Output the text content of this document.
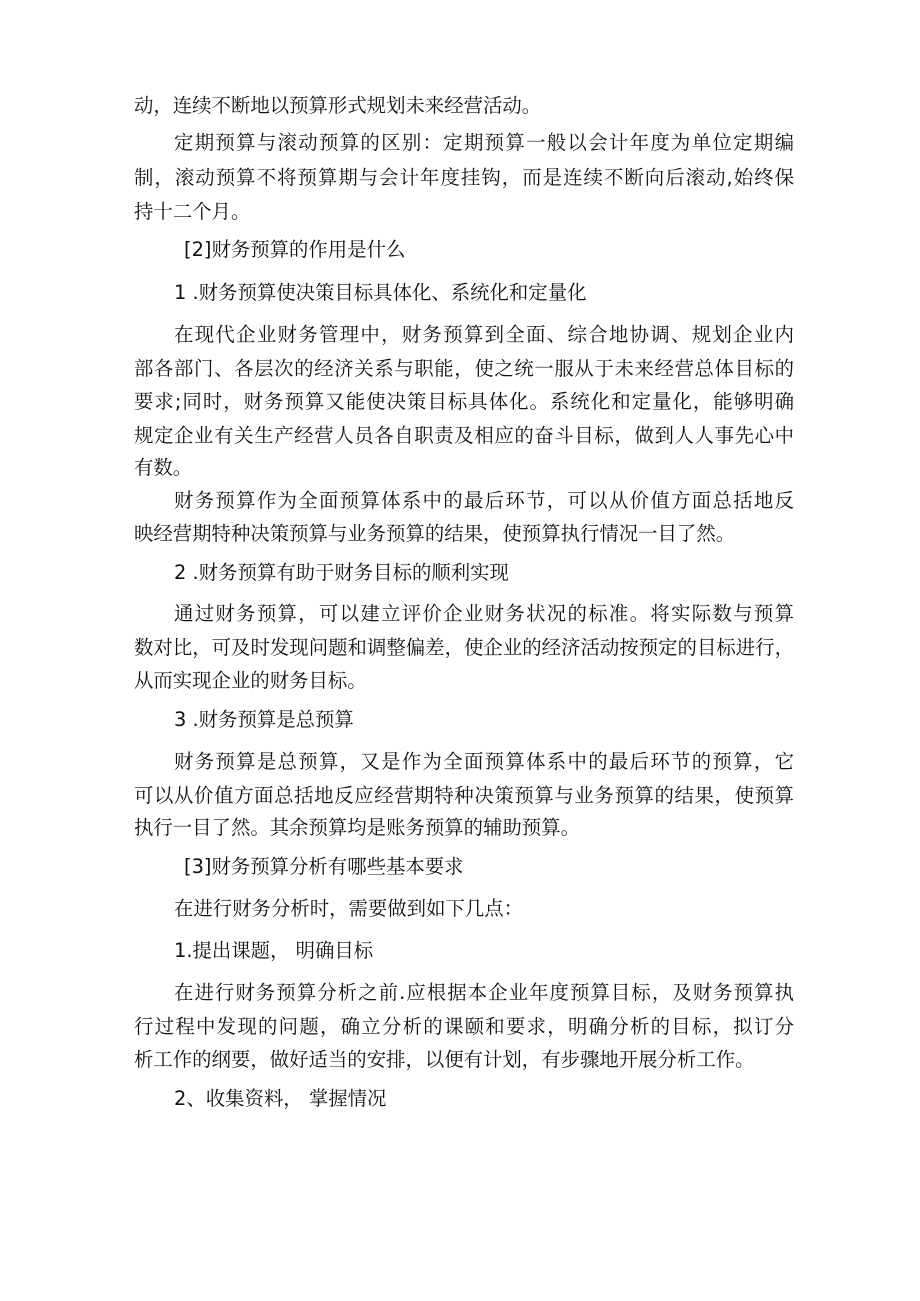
动，连续不断地以预算形式规划未来经营活动。
定期预算与滚动预算的区别：定期预算一般以会计年度为单位定期编
制，滚动预算不将预算期与会计年度挂钩，而是连续不断向后滚动,始终保
持十二个月。
[2]财务预算的作用是什么
1 .财务预算使决策目标具体化、系统化和定量化
在现代企业财务管理中，财务预算到全面、综合地协调、规划企业内
部各部门、各层次的经济关系与职能，使之统一服从于未来经营总体目标的
要求;同时，财务预算又能使决策目标具体化。系统化和定量化，能够明确
规定企业有关生产经营人员各自职责及相应的奋斗目标，做到人人事先心中
有数。
财务预算作为全面预算体系中的最后环节，可以从价值方面总括地反
映经营期特种决策预算与业务预算的结果，使预算执行情况一目了然。
2 .财务预算有助于财务目标的顺利实现
通过财务预算，可以建立评价企业财务状况的标准。将实际数与预算
数对比，可及时发现问题和调整偏差，使企业的经济活动按预定的目标进行，
从而实现企业的财务目标。
3 .财务预算是总预算
财务预算是总预算，又是作为全面预算体系中的最后环节的预算，它
可以从价值方面总括地反应经营期特种决策预算与业务预算的结果，使预算
执行一目了然。其余预算均是账务预算的辅助预算。
[3]财务预算分析有哪些基本要求
在进行财务分析时，需要做到如下几点：
1.提出课题， 明确目标
在进行财务预算分析之前.应根据本企业年度预算目标，及财务预算执
行过程中发现的问题，确立分析的课颐和要求，明确分析的目标，拟订分
析工作的纲要，做好适当的安排，以便有计划，有步骤地开展分析工作。
2、收集资料， 掌握情况
